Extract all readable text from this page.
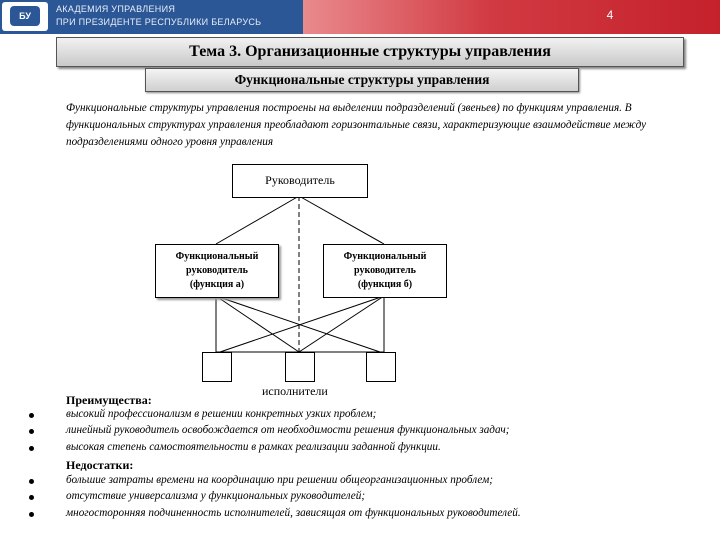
БУ
АКАДЕМИЯ УПРАВЛЕНИЯ
ПРИ ПРЕЗИДЕНТЕ РЕСПУБЛИКИ БЕЛАРУСЬ	4
Тема 3. Организационные структуры управления
Функциональные структуры управления

Функциональные структуры управления построены на выделении подразделений (звеньев) по функциям управления. В функциональных структурах управления преобладают горизонтальные связи, характеризующие взаимодействие между подразделениями одного уровня управления

Руководитель
Функциональный
руководитель
(функция а)
Функциональный
руководитель
(функция б)
исполнители
Преимущества:
высокий профессионализм в решении конкретных узких проблем;
линейный руководитель освобождается от необходимости решения функциональных задач;
высокая степень самостоятельности в рамках реализации заданной функции.
Недостатки:
большие затраты времени на координацию при решении общеорганизационных проблем;
отсутствие универсализма у функциональных руководителей;
многосторонняя подчиненность исполнителей, зависящая от функциональных руководителей.
